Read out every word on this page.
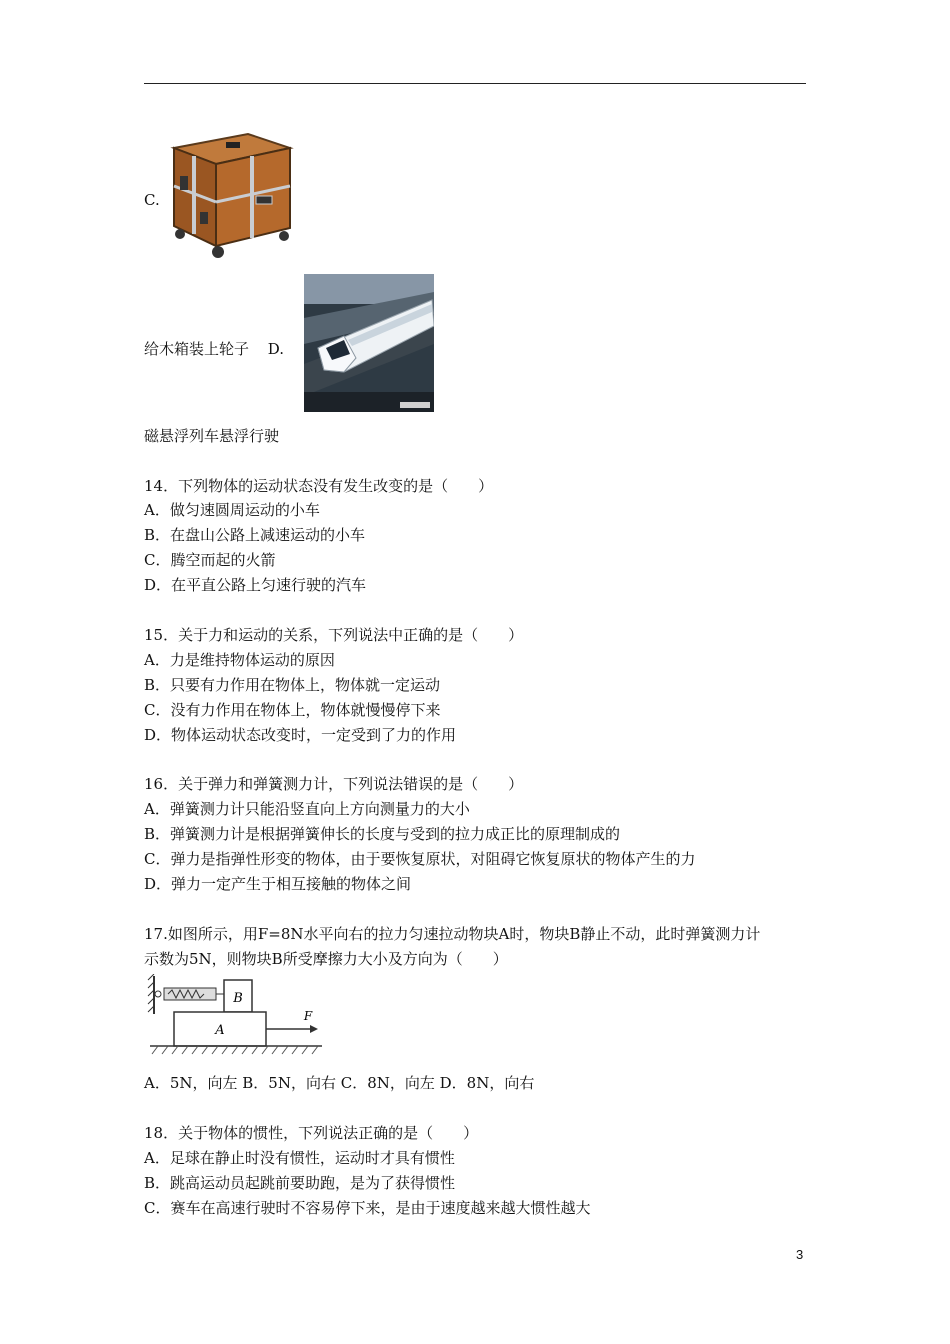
C.
给木箱装上轮子 D.
磁悬浮列车悬浮行驶
14．下列物体的运动状态没有发生改变的是（　　）
A．做匀速圆周运动的小车
B．在盘山公路上减速运动的小车
C．腾空而起的火箭
D．在平直公路上匀速行驶的汽车
15．关于力和运动的关系，下列说法中正确的是（　　）
A．力是维持物体运动的原因
B．只要有力作用在物体上，物体就一定运动
C．没有力作用在物体上，物体就慢慢停下来
D．物体运动状态改变时，一定受到了力的作用
16．关于弹力和弹簧测力计，下列说法错误的是（　　）
A．弹簧测力计只能沿竖直向上方向测量力的大小
B．弹簧测力计是根据弹簧伸长的长度与受到的拉力成正比的原理制成的
C．弹力是指弹性形变的物体，由于要恢复原状，对阻碍它恢复原状的物体产生的力
D．弹力一定产生于相互接触的物体之间
17.如图所示，用F=8N水平向右的拉力匀速拉动物块A时，物块B静止不动，此时弹簧测力计
示数为5N，则物块B所受摩擦力大小及方向为（　　）
B
A
F
A．5N，向左 B．5N，向右 C．8N，向左 D．8N，向右
18．关于物体的惯性，下列说法正确的是（　　）
A．足球在静止时没有惯性，运动时才具有惯性
B．跳高运动员起跳前要助跑，是为了获得惯性
C．赛车在高速行驶时不容易停下来，是由于速度越来越大惯性越大
3
